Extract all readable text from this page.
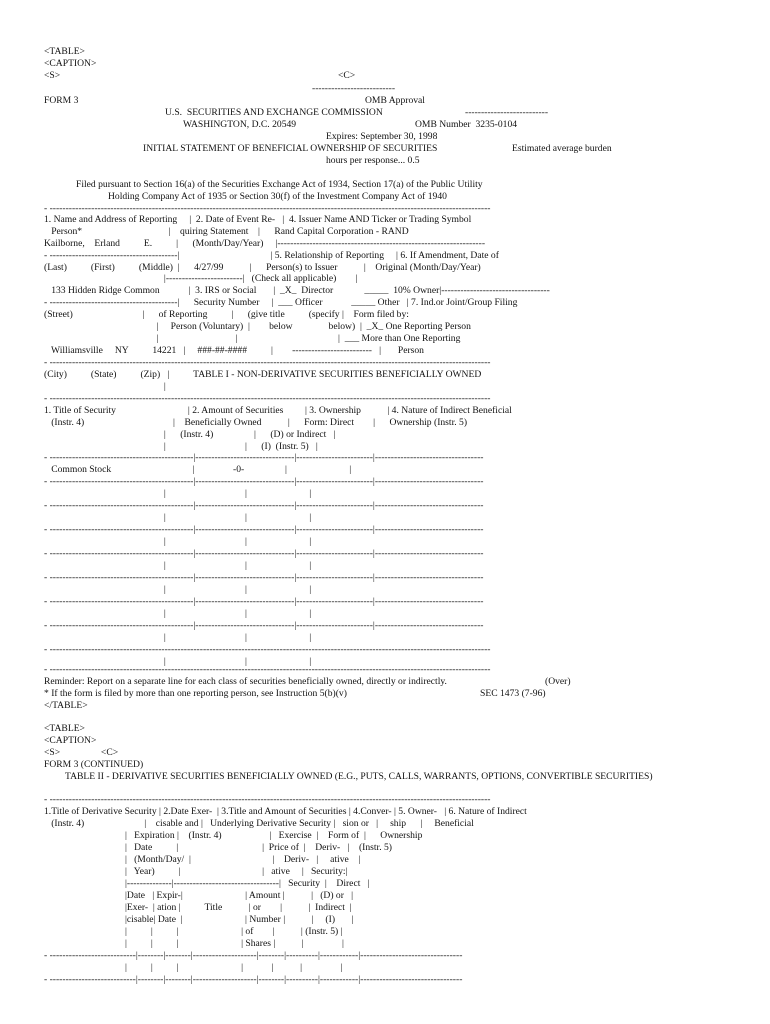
<TABLE>
<CAPTION>
<S>	<C>
--------------------------
FORM 3	OMB Approval
U.S.  SECURITIES AND EXCHANGE COMMISSION	--------------------------
WASHINGTON, D.C. 20549	OMB Number  3235-0104
Expires: September 30, 1998
INITIAL STATEMENT OF BENEFICIAL OWNERSHIP OF SECURITIES	Estimated average burden
hours per response... 0.5
Filed pursuant to Section 16(a) of the Securities Exchange Act of 1934, Section 17(a) of the Public Utility
Holding Company Act of 1935 or Section 30(f) of the Investment Company Act of 1940
- ------------------------------------------------------------------------------------------------------------------------------------------
1. Name and Address of Reporting     |  2. Date of Event Re-   |  4. Issuer Name AND Ticker or Trading Symbol
Person*                                    |    quiring Statement    |      Rand Capital Corporation - RAND
Kailborne,    Erland          E.          |      (Month/Day/Year)     |-----------------------------------------------------------------
- ----------------------------------------|                                      | 5. Relationship of Reporting     | 6. If Amendment, Date of
(Last)          (First)          (Middle)  |      4/27/99           |      Person(s) to Issuer           |    Original (Month/Day/Year)
|------------------------|   (Check all applicable)        |
133 Hidden Ridge Common            |  3. IRS or Social       |  _X_  Director             _____  10% Owner|----------------------------------
- ----------------------------------------|      Security Number     |  ___ Officer            _____ Other   | 7. Ind.or Joint/Group Filing
(Street)                             |      of Reporting          |      (give title          (specify |    Form filed by:
|     Person (Voluntary)  |        below               below)  |  _X_ One Reporting Person
|                                |                                          |  ___ More than One Reporting
Williamsville     NY          14221   |     ###-##-####          |        -------------------------   |       Person
- ------------------------------------------------------------------------------------------------------------------------------------------
(City)          (State)          (Zip)   |          TABLE I - NON-DERIVATIVE SECURITIES BENEFICIALLY OWNED
|
- ------------------------------------------------------------------------------------------------------------------------------------------
1. Title of Security                              | 2. Amount of Securities         | 3. Ownership           | 4. Nature of Indirect Beneficial
(Instr. 4)                                     |    Beneficially Owned           |      Form: Direct        |      Ownership (Instr. 5)
|      (Instr. 4)                 |      (D) or Indirect   |
|                                 |      (I)  (Instr. 5)   |
- ---------------------------------------------|-------------------------------|------------------------|----------------------------------
Common Stock                                  |                -0-                 |                          |
- ---------------------------------------------|-------------------------------|------------------------|----------------------------------
|                                 |                          |
- ---------------------------------------------|-------------------------------|------------------------|----------------------------------
|                                 |                          |
- ---------------------------------------------|-------------------------------|------------------------|----------------------------------
|                                 |                          |
- ---------------------------------------------|-------------------------------|------------------------|----------------------------------
|                                 |                          |
- ---------------------------------------------|-------------------------------|------------------------|----------------------------------
|                                 |                          |
- ---------------------------------------------|-------------------------------|------------------------|----------------------------------
|                                 |                          |
- ---------------------------------------------|-------------------------------|------------------------|----------------------------------
|                                 |                          |
- ------------------------------------------------------------------------------------------------------------------------------------------
|                                 |                          |
- ------------------------------------------------------------------------------------------------------------------------------------------
Reminder: Report on a separate line for each class of securities beneficially owned, directly or indirectly.	(Over)
* If the form is filed by more than one reporting person, see Instruction 5(b)(v)	SEC 1473 (7-96)
</TABLE>
<TABLE>
<CAPTION>
<S>                 <C>
FORM 3 (CONTINUED)
TABLE II - DERIVATIVE SECURITIES BENEFICIALLY OWNED (E.G., PUTS, CALLS, WARRANTS, OPTIONS, CONVERTIBLE SECURITIES)
- ------------------------------------------------------------------------------------------------------------------------------------------
1.Title of Derivative Security | 2.Date Exer-  | 3.Title and Amount of Securities | 4.Conver- | 5. Owner-   | 6. Nature of Indirect
(Instr. 4)                         |    cisable and |   Underlying Derivative Security |   sion or   |     ship      |     Beneficial
|   Expiration |    (Instr. 4)                    |   Exercise  |    Form of  |      Ownership
|   Date          |                                   |  Price of  |    Deriv-   |    (Instr. 5)
|   (Month/Day/  |                                  |    Deriv-   |     ative    |
|   Year)          |                                  |   ative     |   Security:|
|--------------|---------------------------------|   Security  |    Direct   |
|Date   | Expir-|                          | Amount |           |   (D) or   |
|Exer-  | ation |          Title           | or        |           |  Indirect  |
|cisable| Date  |                          | Number |           |     (I)       |
|          |          |                          | of        |           | (Instr. 5) |
|          |          |                          | Shares |           |                |
- ---------------------------|--------|--------|--------------------|--------|----------|------------|--------------------------------
|          |          |                          |            |           |                |
- ---------------------------|--------|--------|--------------------|--------|----------|------------|--------------------------------
